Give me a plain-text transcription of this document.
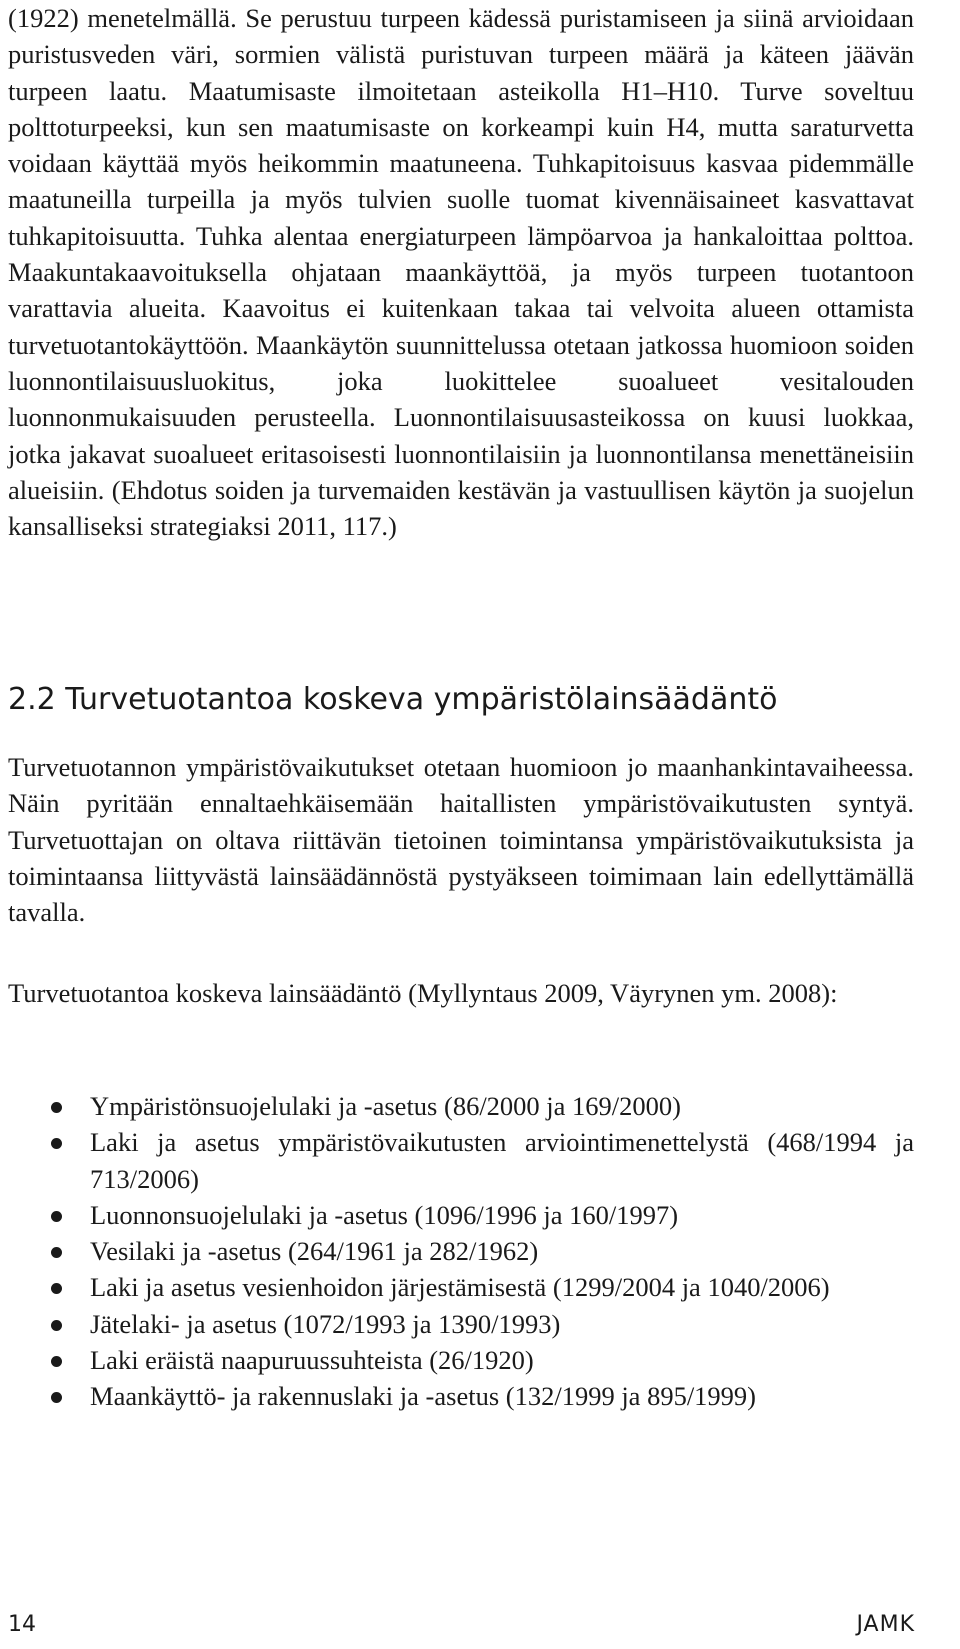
(1922) menetelmällä. Se perustuu turpeen kädessä puristamiseen ja siinä arvioidaan puristusveden väri, sormien välistä puristuvan turpeen määrä ja käteen jäävän turpeen laatu. Maatumisaste ilmoitetaan asteikolla H1–H10. Turve soveltuu polttoturpeeksi, kun sen maatumisaste on korkeampi kuin H4, mutta saraturvetta voidaan käyttää myös heikommin maatuneena. Tuhkapitoisuus kasvaa pidemmälle maatuneilla turpeilla ja myös tulvien suolle tuomat kivennäisaineet kasvattavat tuhkapitoisuutta. Tuhka alentaa energiaturpeen lämpöarvoa ja hankaloittaa polttoa. Maakuntakaavoituksella ohjataan maankäyttöä, ja myös turpeen tuotantoon varattavia alueita. Kaavoitus ei kuitenkaan takaa tai velvoita alueen ottamista turvetuotantokäyttöön. Maankäytön suunnittelussa otetaan jatkossa huomioon soiden luonnontilaisuusluokitus, joka luokittelee suoalueet vesitalouden luonnonmukaisuuden perusteella. Luonnontilaisuusasteikossa on kuusi luokkaa, jotka jakavat suoalueet eritasoisesti luonnontilaisiin ja luonnontilansa menettäneisiin alueisiin. (Ehdotus soiden ja turvemaiden kestävän ja vastuullisen käytön ja suojelun kansalliseksi strategiaksi 2011, 117.)

2.2 Turvetuotantoa koskeva ympäristölainsäädäntö

Turvetuotannon ympäristövaikutukset otetaan huomioon jo maanhankintavaiheessa. Näin pyritään ennaltaehkäisemään haitallisten ympäristövaikutusten syntyä. Turvetuottajan on oltava riittävän tietoinen toimintansa ympäristövaikutuksista ja toimintaansa liittyvästä lainsäädännöstä pystyäkseen toimimaan lain edellyttämällä tavalla.

Turvetuotantoa koskeva lainsäädäntö (Myllyntaus 2009, Väyrynen ym. 2008):

Ympäristönsuojelulaki ja -asetus (86/2000 ja 169/2000)
Laki ja asetus ympäristövaikutusten arviointimenettelystä (468/1994 ja 713/2006)
Luonnonsuojelulaki ja -asetus (1096/1996 ja 160/1997)
Vesilaki ja -asetus (264/1961 ja 282/1962)
Laki ja asetus vesienhoidon järjestämisestä (1299/2004 ja 1040/2006)
Jätelaki- ja asetus (1072/1993 ja 1390/1993)
Laki eräistä naapuruussuhteista (26/1920)
Maankäyttö- ja rakennuslaki ja -asetus (132/1999 ja 895/1999)
14	JAMK
